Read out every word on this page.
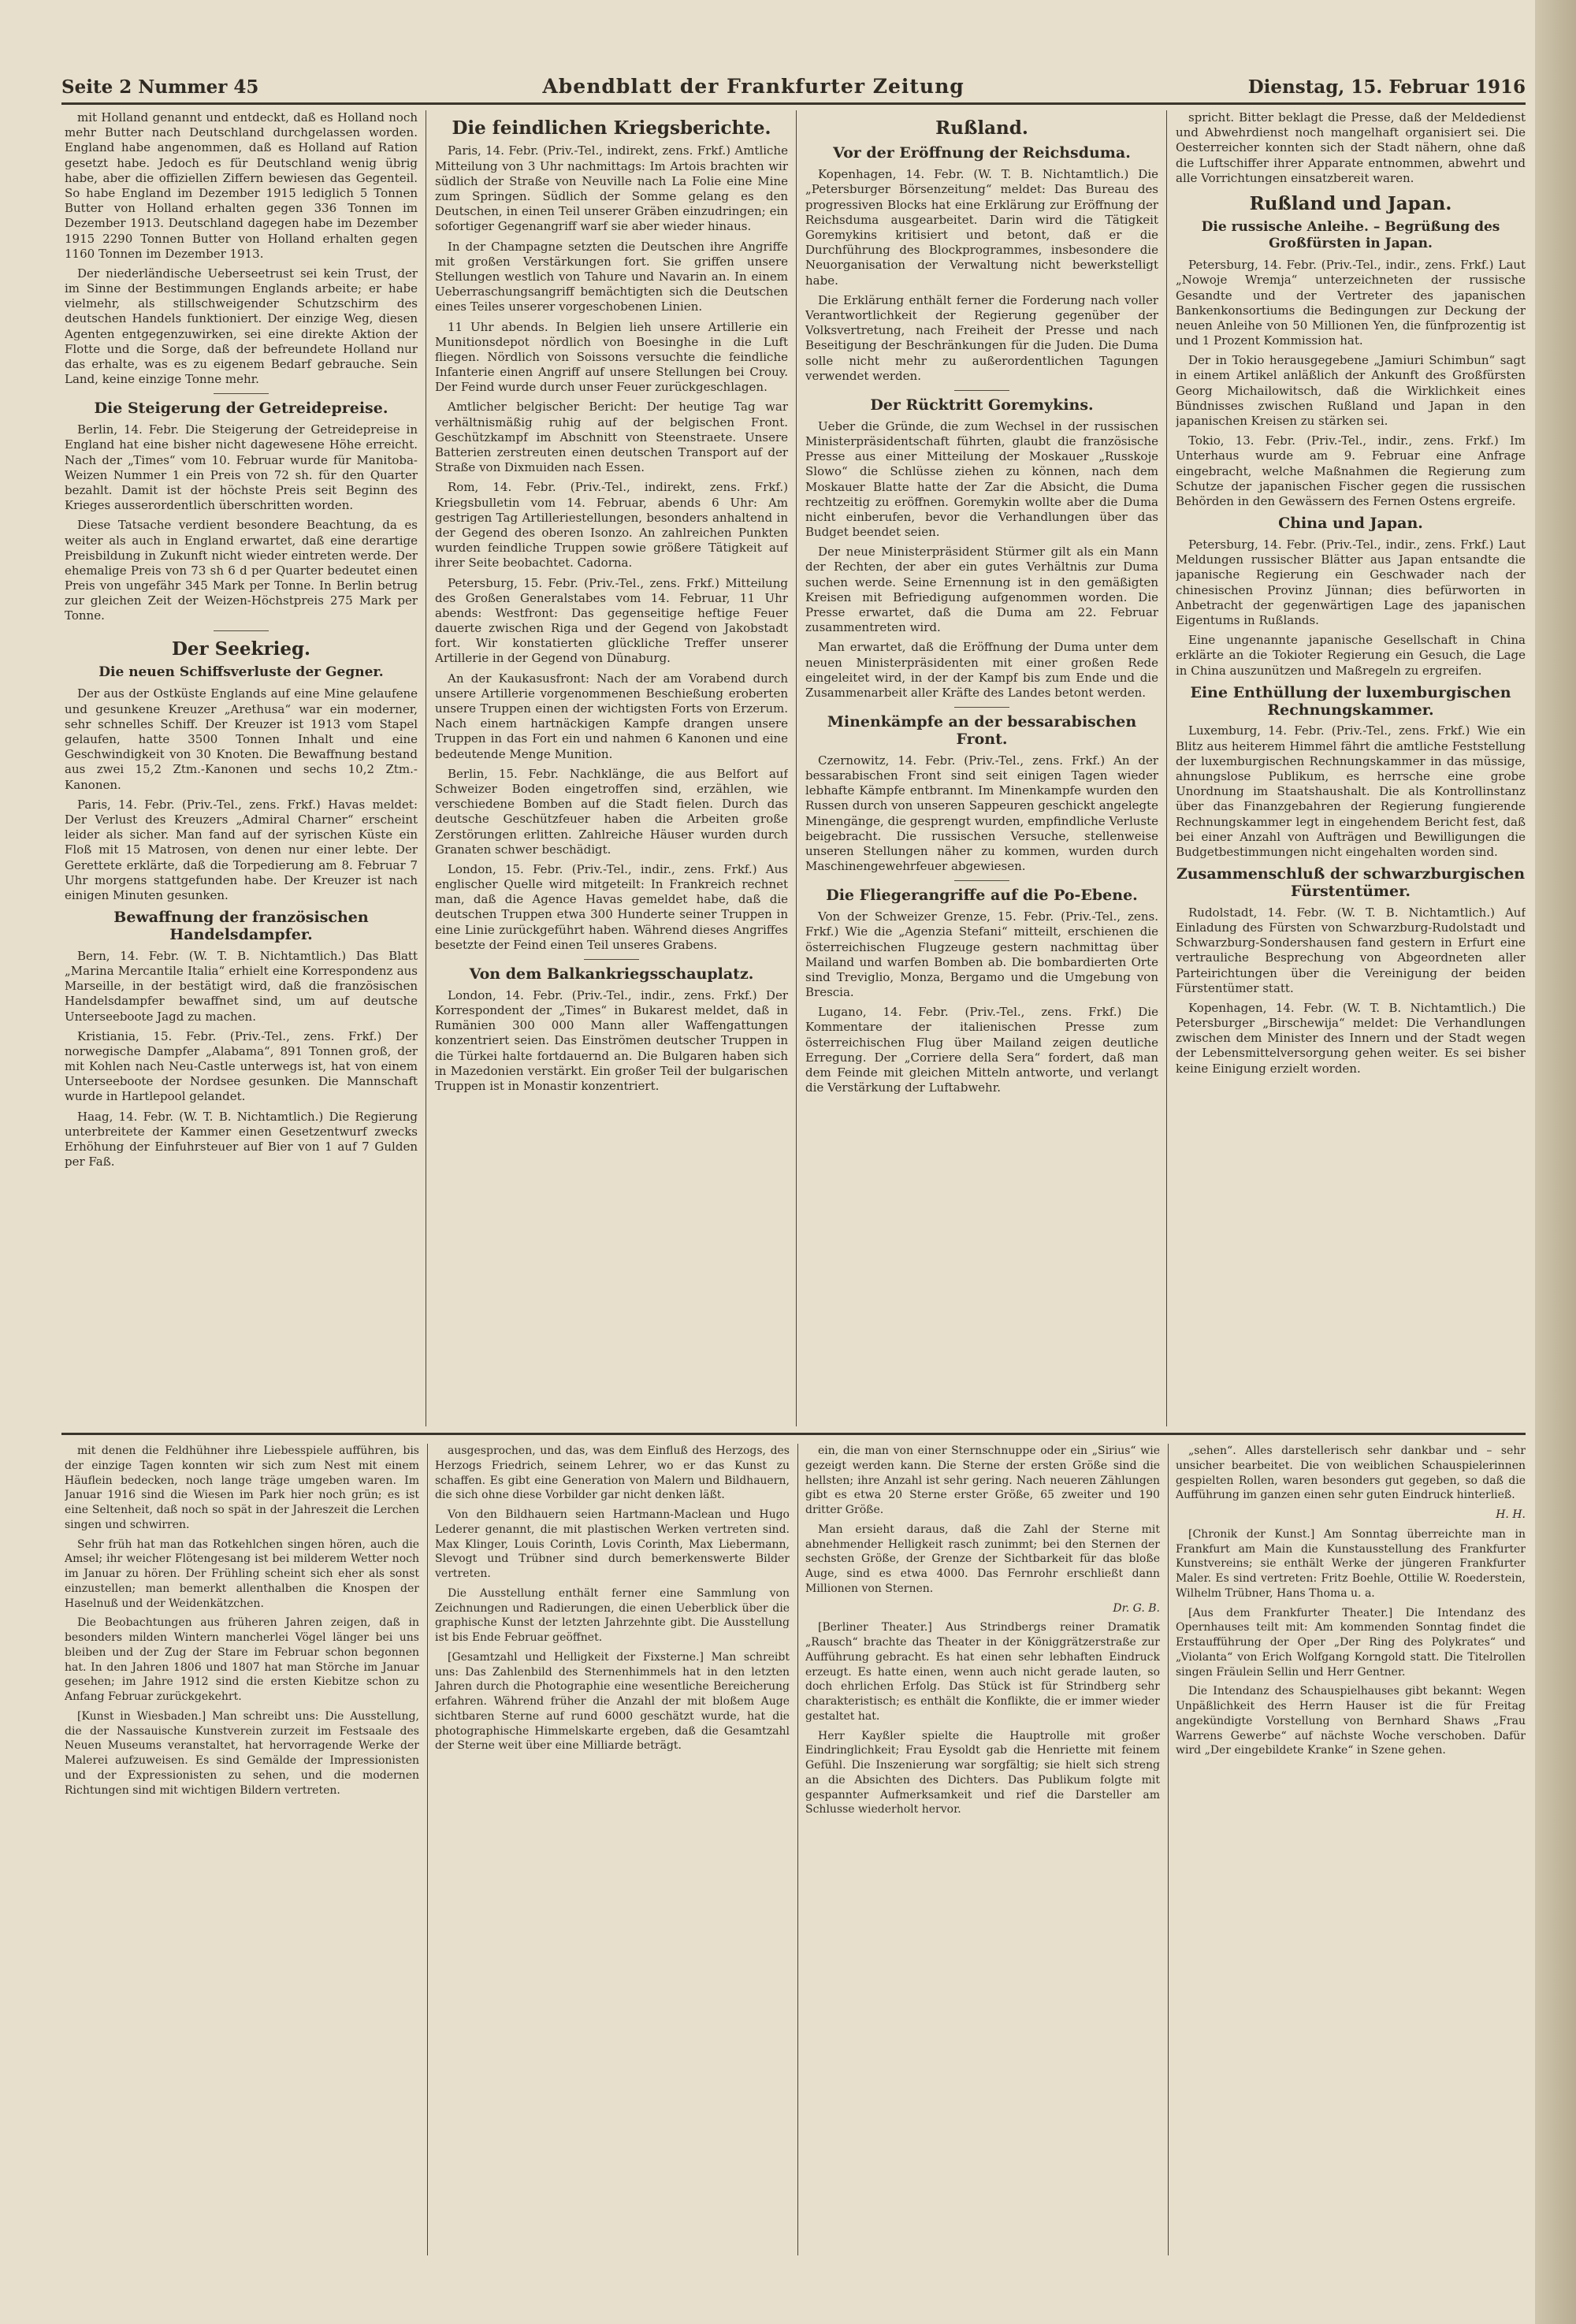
Seite 2 Nummer 45	Abendblatt der Frankfurter Zeitung	Dienstag, 15. Februar 1916

mit Holland genannt und entdeckt, daß es Holland noch mehr Butter nach Deutschland durchgelassen worden. England habe angenommen, daß es Holland auf Ration gesetzt habe. Jedoch es für Deutschland wenig übrig habe, aber die offiziellen Ziffern bewiesen das Gegenteil. So habe England im Dezember 1915 lediglich 5 Tonnen Butter von Holland erhalten gegen 336 Tonnen im Dezember 1913. Deutschland dagegen habe im Dezember 1915 2290 Tonnen Butter von Holland erhalten gegen 1160 Tonnen im Dezember 1913.

Der niederländische Ueberseetrust sei kein Trust, der im Sinne der Bestimmungen Englands arbeite; er habe vielmehr, als stillschweigender Schutzschirm des deutschen Handels funktioniert. Der einzige Weg, diesen Agenten entgegenzuwirken, sei eine direkte Aktion der Flotte und die Sorge, daß der befreundete Holland nur das erhalte, was es zu eigenem Bedarf gebrauche. Sein Land, keine einzige Tonne mehr.

Die Steigerung der Getreidepreise.

Berlin, 14. Febr. Die Steigerung der Getreidepreise in England hat eine bisher nicht dagewesene Höhe erreicht. Nach der „Times“ vom 10. Februar wurde für Manitoba-Weizen Nummer 1 ein Preis von 72 sh. für den Quarter bezahlt. Damit ist der höchste Preis seit Beginn des Krieges ausserordentlich überschritten worden.

Diese Tatsache verdient besondere Beachtung, da es weiter als auch in England erwartet, daß eine derartige Preisbildung in Zukunft nicht wieder eintreten werde. Der ehemalige Preis von 73 sh 6 d per Quarter bedeutet einen Preis von ungefähr 345 Mark per Tonne. In Berlin betrug zur gleichen Zeit der Weizen-Höchstpreis 275 Mark per Tonne.

Der Seekrieg.
Die neuen Schiffsverluste der Gegner.

Der aus der Ostküste Englands auf eine Mine gelaufene und gesunkene Kreuzer „Arethusa“ war ein moderner, sehr schnelles Schiff. Der Kreuzer ist 1913 vom Stapel gelaufen, hatte 3500 Tonnen Inhalt und eine Geschwindigkeit von 30 Knoten. Die Bewaffnung bestand aus zwei 15,2 Ztm.-Kanonen und sechs 10,2 Ztm.-Kanonen.

Paris, 14. Febr. (Priv.-Tel., zens. Frkf.) Havas meldet: Der Verlust des Kreuzers „Admiral Charner“ erscheint leider als sicher. Man fand auf der syrischen Küste ein Floß mit 15 Matrosen, von denen nur einer lebte. Der Gerettete erklärte, daß die Torpedierung am 8. Februar 7 Uhr morgens stattgefunden habe. Der Kreuzer ist nach einigen Minuten gesunken.

Bewaffnung der französischen Handelsdampfer.

Bern, 14. Febr. (W. T. B. Nichtamtlich.) Das Blatt „Marina Mercantile Italia“ erhielt eine Korrespondenz aus Marseille, in der bestätigt wird, daß die französischen Handelsdampfer bewaffnet sind, um auf deutsche Unterseeboote Jagd zu machen.

Kristiania, 15. Febr. (Priv.-Tel., zens. Frkf.) Der norwegische Dampfer „Alabama“, 891 Tonnen groß, der mit Kohlen nach Neu-Castle unterwegs ist, hat von einem Unterseeboote der Nordsee gesunken. Die Mannschaft wurde in Hartlepool gelandet.

Haag, 14. Febr. (W. T. B. Nichtamtlich.) Die Regierung unterbreitete der Kammer einen Gesetzentwurf zwecks Erhöhung der Einfuhrsteuer auf Bier von 1 auf 7 Gulden per Faß.

Die feindlichen Kriegsberichte.

Paris, 14. Febr. (Priv.-Tel., indirekt, zens. Frkf.) Amtliche Mitteilung von 3 Uhr nachmittags: Im Artois brachten wir südlich der Straße von Neuville nach La Folie eine Mine zum Springen. Südlich der Somme gelang es den Deutschen, in einen Teil unserer Gräben einzudringen; ein sofortiger Gegenangriff warf sie aber wieder hinaus.

In der Champagne setzten die Deutschen ihre Angriffe mit großen Verstärkungen fort. Sie griffen unsere Stellungen westlich von Tahure und Navarin an. In einem Ueberraschungsangriff bemächtigten sich die Deutschen eines Teiles unserer vorgeschobenen Linien.

11 Uhr abends. In Belgien lieh unsere Artillerie ein Munitionsdepot nördlich von Boesinghe in die Luft fliegen. Nördlich von Soissons versuchte die feindliche Infanterie einen Angriff auf unsere Stellungen bei Crouy. Der Feind wurde durch unser Feuer zurückgeschlagen.

Amtlicher belgischer Bericht: Der heutige Tag war verhältnismäßig ruhig auf der belgischen Front. Geschützkampf im Abschnitt von Steenstraete. Unsere Batterien zerstreuten einen deutschen Transport auf der Straße von Dixmuiden nach Essen.

Rom, 14. Febr. (Priv.-Tel., indirekt, zens. Frkf.) Kriegsbulletin vom 14. Februar, abends 6 Uhr: Am gestrigen Tag Artilleriestellungen, besonders anhaltend in der Gegend des oberen Isonzo. An zahlreichen Punkten wurden feindliche Truppen sowie größere Tätigkeit auf ihrer Seite beobachtet. Cadorna.

Petersburg, 15. Febr. (Priv.-Tel., zens. Frkf.) Mitteilung des Großen Generalstabes vom 14. Februar, 11 Uhr abends: Westfront: Das gegenseitige heftige Feuer dauerte zwischen Riga und der Gegend von Jakobstadt fort. Wir konstatierten glückliche Treffer unserer Artillerie in der Gegend von Dünaburg.

An der Kaukasusfront: Nach der am Vorabend durch unsere Artillerie vorgenommenen Beschießung eroberten unsere Truppen einen der wichtigsten Forts von Erzerum. Nach einem hartnäckigen Kampfe drangen unsere Truppen in das Fort ein und nahmen 6 Kanonen und eine bedeutende Menge Munition.

Berlin, 15. Febr. Nachklänge, die aus Belfort auf Schweizer Boden eingetroffen sind, erzählen, wie verschiedene Bomben auf die Stadt fielen. Durch das deutsche Geschützfeuer haben die Arbeiten große Zerstörungen erlitten. Zahlreiche Häuser wurden durch Granaten schwer beschädigt.

London, 15. Febr. (Priv.-Tel., indir., zens. Frkf.) Aus englischer Quelle wird mitgeteilt: In Frankreich rechnet man, daß die Agence Havas gemeldet habe, daß die deutschen Truppen etwa 300 Hunderte seiner Truppen in eine Linie zurückgeführt haben. Während dieses Angriffes besetzte der Feind einen Teil unseres Grabens.

Von dem Balkankriegsschauplatz.

London, 14. Febr. (Priv.-Tel., indir., zens. Frkf.) Der Korrespondent der „Times“ in Bukarest meldet, daß in Rumänien 300 000 Mann aller Waffengattungen konzentriert seien. Das Einströmen deutscher Truppen in die Türkei halte fortdauernd an. Die Bulgaren haben sich in Mazedonien verstärkt. Ein großer Teil der bulgarischen Truppen ist in Monastir konzentriert.

Rußland.
Vor der Eröffnung der Reichsduma.

Kopenhagen, 14. Febr. (W. T. B. Nichtamtlich.) Die „Petersburger Börsenzeitung“ meldet: Das Bureau des progressiven Blocks hat eine Erklärung zur Eröffnung der Reichsduma ausgearbeitet. Darin wird die Tätigkeit Goremykins kritisiert und betont, daß er die Durchführung des Blockprogrammes, insbesondere die Neuorganisation der Verwaltung nicht bewerkstelligt habe.

Die Erklärung enthält ferner die Forderung nach voller Verantwortlichkeit der Regierung gegenüber der Volksvertretung, nach Freiheit der Presse und nach Beseitigung der Beschränkungen für die Juden. Die Duma solle nicht mehr zu außerordentlichen Tagungen verwendet werden.

Der Rücktritt Goremykins.

Ueber die Gründe, die zum Wechsel in der russischen Ministerpräsidentschaft führten, glaubt die französische Presse aus einer Mitteilung der Moskauer „Russkoje Slowo“ die Schlüsse ziehen zu können, nach dem Moskauer Blatte hatte der Zar die Absicht, die Duma rechtzeitig zu eröffnen. Goremykin wollte aber die Duma nicht einberufen, bevor die Verhandlungen über das Budget beendet seien.

Der neue Ministerpräsident Stürmer gilt als ein Mann der Rechten, der aber ein gutes Verhältnis zur Duma suchen werde. Seine Ernennung ist in den gemäßigten Kreisen mit Befriedigung aufgenommen worden. Die Presse erwartet, daß die Duma am 22. Februar zusammentreten wird.

Man erwartet, daß die Eröffnung der Duma unter dem neuen Ministerpräsidenten mit einer großen Rede eingeleitet wird, in der der Kampf bis zum Ende und die Zusammenarbeit aller Kräfte des Landes betont werden.

Minenkämpfe an der bessarabischen Front.

Czernowitz, 14. Febr. (Priv.-Tel., zens. Frkf.) An der bessarabischen Front sind seit einigen Tagen wieder lebhafte Kämpfe entbrannt. Im Minenkampfe wurden den Russen durch von unseren Sappeuren geschickt angelegte Minengänge, die gesprengt wurden, empfindliche Verluste beigebracht. Die russischen Versuche, stellenweise unseren Stellungen näher zu kommen, wurden durch Maschinengewehrfeuer abgewiesen.

Die Fliegerangriffe auf die Po-Ebene.

Von der Schweizer Grenze, 15. Febr. (Priv.-Tel., zens. Frkf.) Wie die „Agenzia Stefani“ mitteilt, erschienen die österreichischen Flugzeuge gestern nachmittag über Mailand und warfen Bomben ab. Die bombardierten Orte sind Treviglio, Monza, Bergamo und die Umgebung von Brescia.

Lugano, 14. Febr. (Priv.-Tel., zens. Frkf.) Die Kommentare der italienischen Presse zum österreichischen Flug über Mailand zeigen deutliche Erregung. Der „Corriere della Sera“ fordert, daß man dem Feinde mit gleichen Mitteln antworte, und verlangt die Verstärkung der Luftabwehr.

spricht. Bitter beklagt die Presse, daß der Meldedienst und Abwehrdienst noch mangelhaft organisiert sei. Die Oesterreicher konnten sich der Stadt nähern, ohne daß die Luftschiffer ihrer Apparate entnommen, abwehrt und alle Vorrichtungen einsatzbereit waren.

Rußland und Japan.
Die russische Anleihe. – Begrüßung des Großfürsten in Japan.

Petersburg, 14. Febr. (Priv.-Tel., indir., zens. Frkf.) Laut „Nowoje Wremja“ unterzeichneten der russische Gesandte und der Vertreter des japanischen Bankenkonsortiums die Bedingungen zur Deckung der neuen Anleihe von 50 Millionen Yen, die fünfprozentig ist und 1 Prozent Kommission hat.

Der in Tokio herausgegebene „Jamiuri Schimbun“ sagt in einem Artikel anläßlich der Ankunft des Großfürsten Georg Michailowitsch, daß die Wirklichkeit eines Bündnisses zwischen Rußland und Japan in den japanischen Kreisen zu stärken sei.

Tokio, 13. Febr. (Priv.-Tel., indir., zens. Frkf.) Im Unterhaus wurde am 9. Februar eine Anfrage eingebracht, welche Maßnahmen die Regierung zum Schutze der japanischen Fischer gegen die russischen Behörden in den Gewässern des Fernen Ostens ergreife.

China und Japan.

Petersburg, 14. Febr. (Priv.-Tel., indir., zens. Frkf.) Laut Meldungen russischer Blätter aus Japan entsandte die japanische Regierung ein Geschwader nach der chinesischen Provinz Jünnan; dies befürworten in Anbetracht der gegenwärtigen Lage des japanischen Eigentums in Rußlands.

Eine ungenannte japanische Gesellschaft in China erklärte an die Tokioter Regierung ein Gesuch, die Lage in China auszunützen und Maßregeln zu ergreifen.

Eine Enthüllung der luxemburgischen Rechnungskammer.

Luxemburg, 14. Febr. (Priv.-Tel., zens. Frkf.) Wie ein Blitz aus heiterem Himmel fährt die amtliche Feststellung der luxemburgischen Rechnungskammer in das müssige, ahnungslose Publikum, es herrsche eine grobe Unordnung im Staatshaushalt. Die als Kontrollinstanz über das Finanzgebahren der Regierung fungierende Rechnungskammer legt in eingehendem Bericht fest, daß bei einer Anzahl von Aufträgen und Bewilligungen die Budgetbestimmungen nicht eingehalten worden sind.

Zusammenschluß der schwarzburgischen Fürstentümer.

Rudolstadt, 14. Febr. (W. T. B. Nichtamtlich.) Auf Einladung des Fürsten von Schwarzburg-Rudolstadt und Schwarzburg-Sondershausen fand gestern in Erfurt eine vertrauliche Besprechung von Abgeordneten aller Parteirichtungen über die Vereinigung der beiden Fürstentümer statt.

Kopenhagen, 14. Febr. (W. T. B. Nichtamtlich.) Die Petersburger „Birschewija“ meldet: Die Verhandlungen zwischen dem Minister des Innern und der Stadt wegen der Lebensmittelversorgung gehen weiter. Es sei bisher keine Einigung erzielt worden.

mit denen die Feldhühner ihre Liebesspiele aufführen, bis der einzige Tagen konnten wir sich zum Nest mit einem Häuflein bedecken, noch lange träge umgeben waren. Im Januar 1916 sind die Wiesen im Park hier noch grün; es ist eine Seltenheit, daß noch so spät in der Jahreszeit die Lerchen singen und schwirren.

Sehr früh hat man das Rotkehlchen singen hören, auch die Amsel; ihr weicher Flötengesang ist bei milderem Wetter noch im Januar zu hören. Der Frühling scheint sich eher als sonst einzustellen; man bemerkt allenthalben die Knospen der Haselnuß und der Weidenkätzchen.

Die Beobachtungen aus früheren Jahren zeigen, daß in besonders milden Wintern mancherlei Vögel länger bei uns bleiben und der Zug der Stare im Februar schon begonnen hat. In den Jahren 1806 und 1807 hat man Störche im Januar gesehen; im Jahre 1912 sind die ersten Kiebitze schon zu Anfang Februar zurückgekehrt.

[Kunst in Wiesbaden.] Man schreibt uns: Die Ausstellung, die der Nassauische Kunstverein zurzeit im Festsaale des Neuen Museums veranstaltet, hat hervorragende Werke der Malerei aufzuweisen. Es sind Gemälde der Impressionisten und der Expressionisten zu sehen, und die modernen Richtungen sind mit wichtigen Bildern vertreten.

ausgesprochen, und das, was dem Einfluß des Herzogs, des Herzogs Friedrich, seinem Lehrer, wo er das Kunst zu schaffen. Es gibt eine Generation von Malern und Bildhauern, die sich ohne diese Vorbilder gar nicht denken läßt.

Von den Bildhauern seien Hartmann-Maclean und Hugo Lederer genannt, die mit plastischen Werken vertreten sind. Max Klinger, Louis Corinth, Lovis Corinth, Max Liebermann, Slevogt und Trübner sind durch bemerkenswerte Bilder vertreten.

Die Ausstellung enthält ferner eine Sammlung von Zeichnungen und Radierungen, die einen Ueberblick über die graphische Kunst der letzten Jahrzehnte gibt. Die Ausstellung ist bis Ende Februar geöffnet.

[Gesamtzahl und Helligkeit der Fixsterne.] Man schreibt uns: Das Zahlenbild des Sternenhimmels hat in den letzten Jahren durch die Photographie eine wesentliche Bereicherung erfahren. Während früher die Anzahl der mit bloßem Auge sichtbaren Sterne auf rund 6000 geschätzt wurde, hat die photographische Himmelskarte ergeben, daß die Gesamtzahl der Sterne weit über eine Milliarde beträgt.

ein, die man von einer Sternschnuppe oder ein „Sirius“ wie gezeigt werden kann. Die Sterne der ersten Größe sind die hellsten; ihre Anzahl ist sehr gering. Nach neueren Zählungen gibt es etwa 20 Sterne erster Größe, 65 zweiter und 190 dritter Größe.

Man ersieht daraus, daß die Zahl der Sterne mit abnehmender Helligkeit rasch zunimmt; bei den Sternen der sechsten Größe, der Grenze der Sichtbarkeit für das bloße Auge, sind es etwa 4000. Das Fernrohr erschließt dann Millionen von Sternen.

Dr. G. B.

[Berliner Theater.] Aus Strindbergs reiner Dramatik „Rausch“ brachte das Theater in der Königgrätzerstraße zur Aufführung gebracht. Es hat einen sehr lebhaften Eindruck erzeugt. Es hatte einen, wenn auch nicht gerade lauten, so doch ehrlichen Erfolg. Das Stück ist für Strindberg sehr charakteristisch; es enthält die Konflikte, die er immer wieder gestaltet hat.

Herr Kayßler spielte die Hauptrolle mit großer Eindringlichkeit; Frau Eysoldt gab die Henriette mit feinem Gefühl. Die Inszenierung war sorgfältig; sie hielt sich streng an die Absichten des Dichters. Das Publikum folgte mit gespannter Aufmerksamkeit und rief die Darsteller am Schlusse wiederholt hervor.

„sehen“. Alles darstellerisch sehr dankbar und – sehr unsicher bearbeitet. Die von weiblichen Schauspielerinnen gespielten Rollen, waren besonders gut gegeben, so daß die Aufführung im ganzen einen sehr guten Eindruck hinterließ.

H. H.

[Chronik der Kunst.] Am Sonntag überreichte man in Frankfurt am Main die Kunstausstellung des Frankfurter Kunstvereins; sie enthält Werke der jüngeren Frankfurter Maler. Es sind vertreten: Fritz Boehle, Ottilie W. Roederstein, Wilhelm Trübner, Hans Thoma u. a.

[Aus dem Frankfurter Theater.] Die Intendanz des Opernhauses teilt mit: Am kommenden Sonntag findet die Erstaufführung der Oper „Der Ring des Polykrates“ und „Violanta“ von Erich Wolfgang Korngold statt. Die Titelrollen singen Fräulein Sellin und Herr Gentner.

Die Intendanz des Schauspielhauses gibt bekannt: Wegen Unpäßlichkeit des Herrn Hauser ist die für Freitag angekündigte Vorstellung von Bernhard Shaws „Frau Warrens Gewerbe“ auf nächste Woche verschoben. Dafür wird „Der eingebildete Kranke“ in Szene gehen.
